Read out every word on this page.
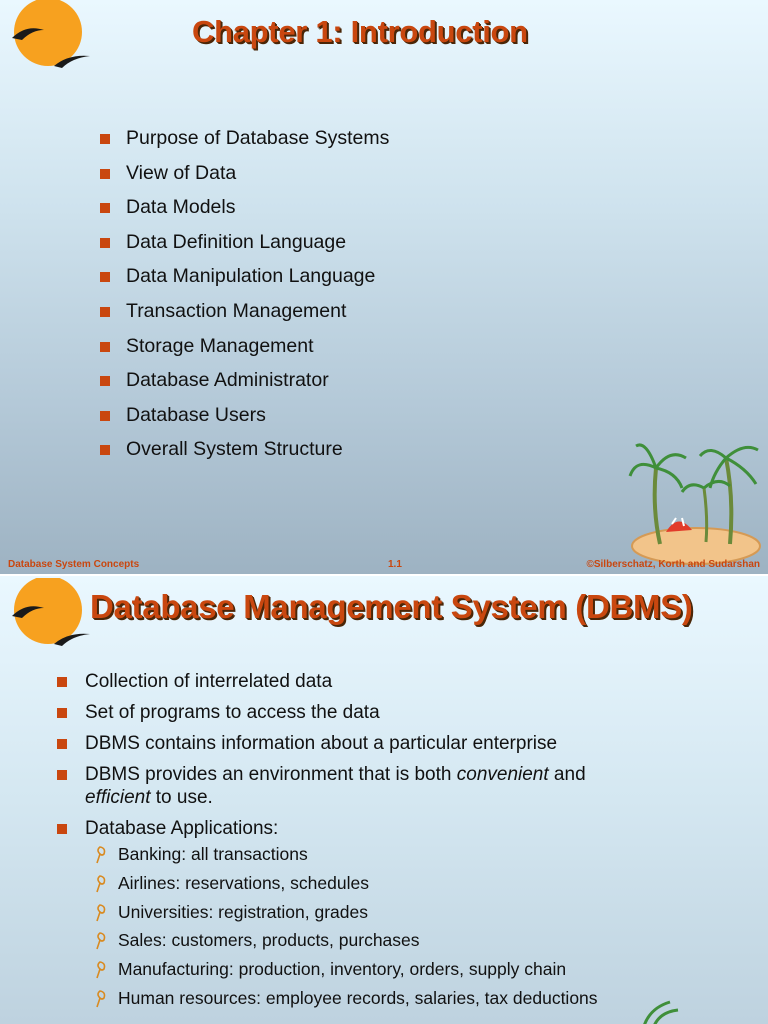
Chapter 1: Introduction
Purpose of Database Systems
View of Data
Data Models
Data Definition Language
Data Manipulation Language
Transaction Management
Storage Management
Database Administrator
Database Users
Overall System Structure
Database System Concepts	1.1	©Silberschatz, Korth and Sudarshan
Database Management System (DBMS)
Collection of interrelated data
Set of programs to access the data
DBMS contains information about a particular enterprise
DBMS provides an environment that is both convenient and
efficient to use.
Database Applications:
Banking: all transactions
Airlines: reservations, schedules
Universities: registration, grades
Sales: customers, products, purchases
Manufacturing: production, inventory, orders, supply chain
Human resources: employee records, salaries, tax deductions
